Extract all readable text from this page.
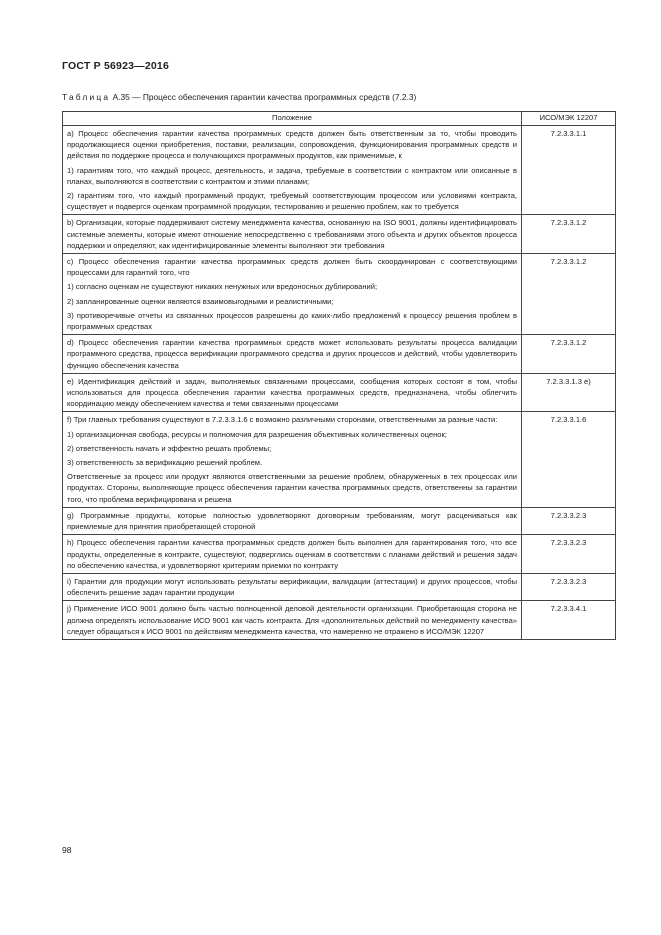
ГОСТ Р 56923—2016
Таблица А.35 — Процесс обеспечения гарантии качества программных средств (7.2.3)
Положение	ИСО/МЭК 12207

а) Процесс обеспечения гарантии качества программных средств должен быть ответственным за то, чтобы проводить продолжающиеся оценки приобретения, поставки, реализации, сопровождения, функционирования программных средств и действия по поддержке процесса и получающихся программных продуктов, как применимые, к

1) гарантиям того, что каждый процесс, деятельность, и задача, требуемые в соответствии с контрактом или описанные в планах, выполняются в соответствии с контрактом и этими планами;

2) гарантиям того, что каждый программный продукт, требуемый соответствующим процессом или условиями контракта, существует и подвергся оценкам программной продукции, тестированию и решению проблем, как то требуется	7.2.3.3.1.1

b) Организации, которые поддерживают систему менеджмента качества, основанную на ISO 9001, должны идентифицировать системные элементы, которые имеют отношение непосредственно с требованиями этого объекта и других объектов процесса поддержки и определяют, как идентифицированные элементы выполняют эти требования	7.2.3.3.1.2

с) Процесс обеспечения гарантии качества программных средств должен быть скоординирован с соответствующими процессами для гарантий того, что

1) согласно оценкам не существуют никаких ненужных или вредоносных дублирований;

2) запланированные оценки являются взаимовыгодными и реалистичными;

3) противоречивые отчеты из связанных процессов разрешены до каких-либо предложений к процессу решения проблем в программных средствах	7.2.3.3.1.2

d) Процесс обеспечения гарантии качества программных средств может использовать результаты процесса валидации программного средства, процесса верификации программного средства и других процессов и действий, чтобы удовлетворить функцию обеспечения качества	7.2.3.3.1.2

е) Идентификация действий и задач, выполняемых связанными процессами, сообщения которых состоят в том, чтобы использоваться для процесса обеспечения гарантии качества программных средств, предназначена, чтобы облегчить координацию между обеспечением качества и теми связанными процессами	7.2.3.3.1.3 е)

f) Три главных требования существуют в 7.2.3.3.1.6 с возможно различными сторонами, ответственными за разные части:

1) организационная свобода, ресурсы и полномочия для разрешения объективных количественных оценок;

2) ответственность начать и эффектно решать проблемы;

3) ответственность за верификацию решений проблем.

Ответственные за процесс или продукт являются ответственными за решение проблем, обнаруженных в тех процессах или продуктах. Стороны, выполняющие процесс обеспечения гарантии качества программных средств, ответственны за гарантии того, что проблема верифицирована и решена	7.2.3.3.1.6

g) Программные продукты, которые полностью удовлетворяют договорным требованиям, могут расцениваться как приемлемые для принятия приобретающей стороной	7.2.3.3.2.3

h) Процесс обеспечения гарантии качества программных средств должен быть выполнен для гарантирования того, что все продукты, определенные в контракте, существуют, подверглись оценкам в соответствии с планами действий и решения задач по обеспечению качества, и удовлетворяют критериям приемки по контракту	7.2.3.3.2.3

i) Гарантии для продукции могут использовать результаты верификации, валидации (аттестации) и других процессов, чтобы обеспечить решение задач гарантии продукции	7.2.3.3.2.3

j) Применение ИСО 9001 должно быть частью полноценной деловой деятельности организации. Приобретающая сторона не должна определять использование ИСО 9001 как часть контракта. Для «дополнительных действий по менеджменту качества» следует обращаться к ИСО 9001 по действиям менеджмента качества, что намеренно не отражено в ИСО/МЭК 12207	7.2.3.3.4.1
98
